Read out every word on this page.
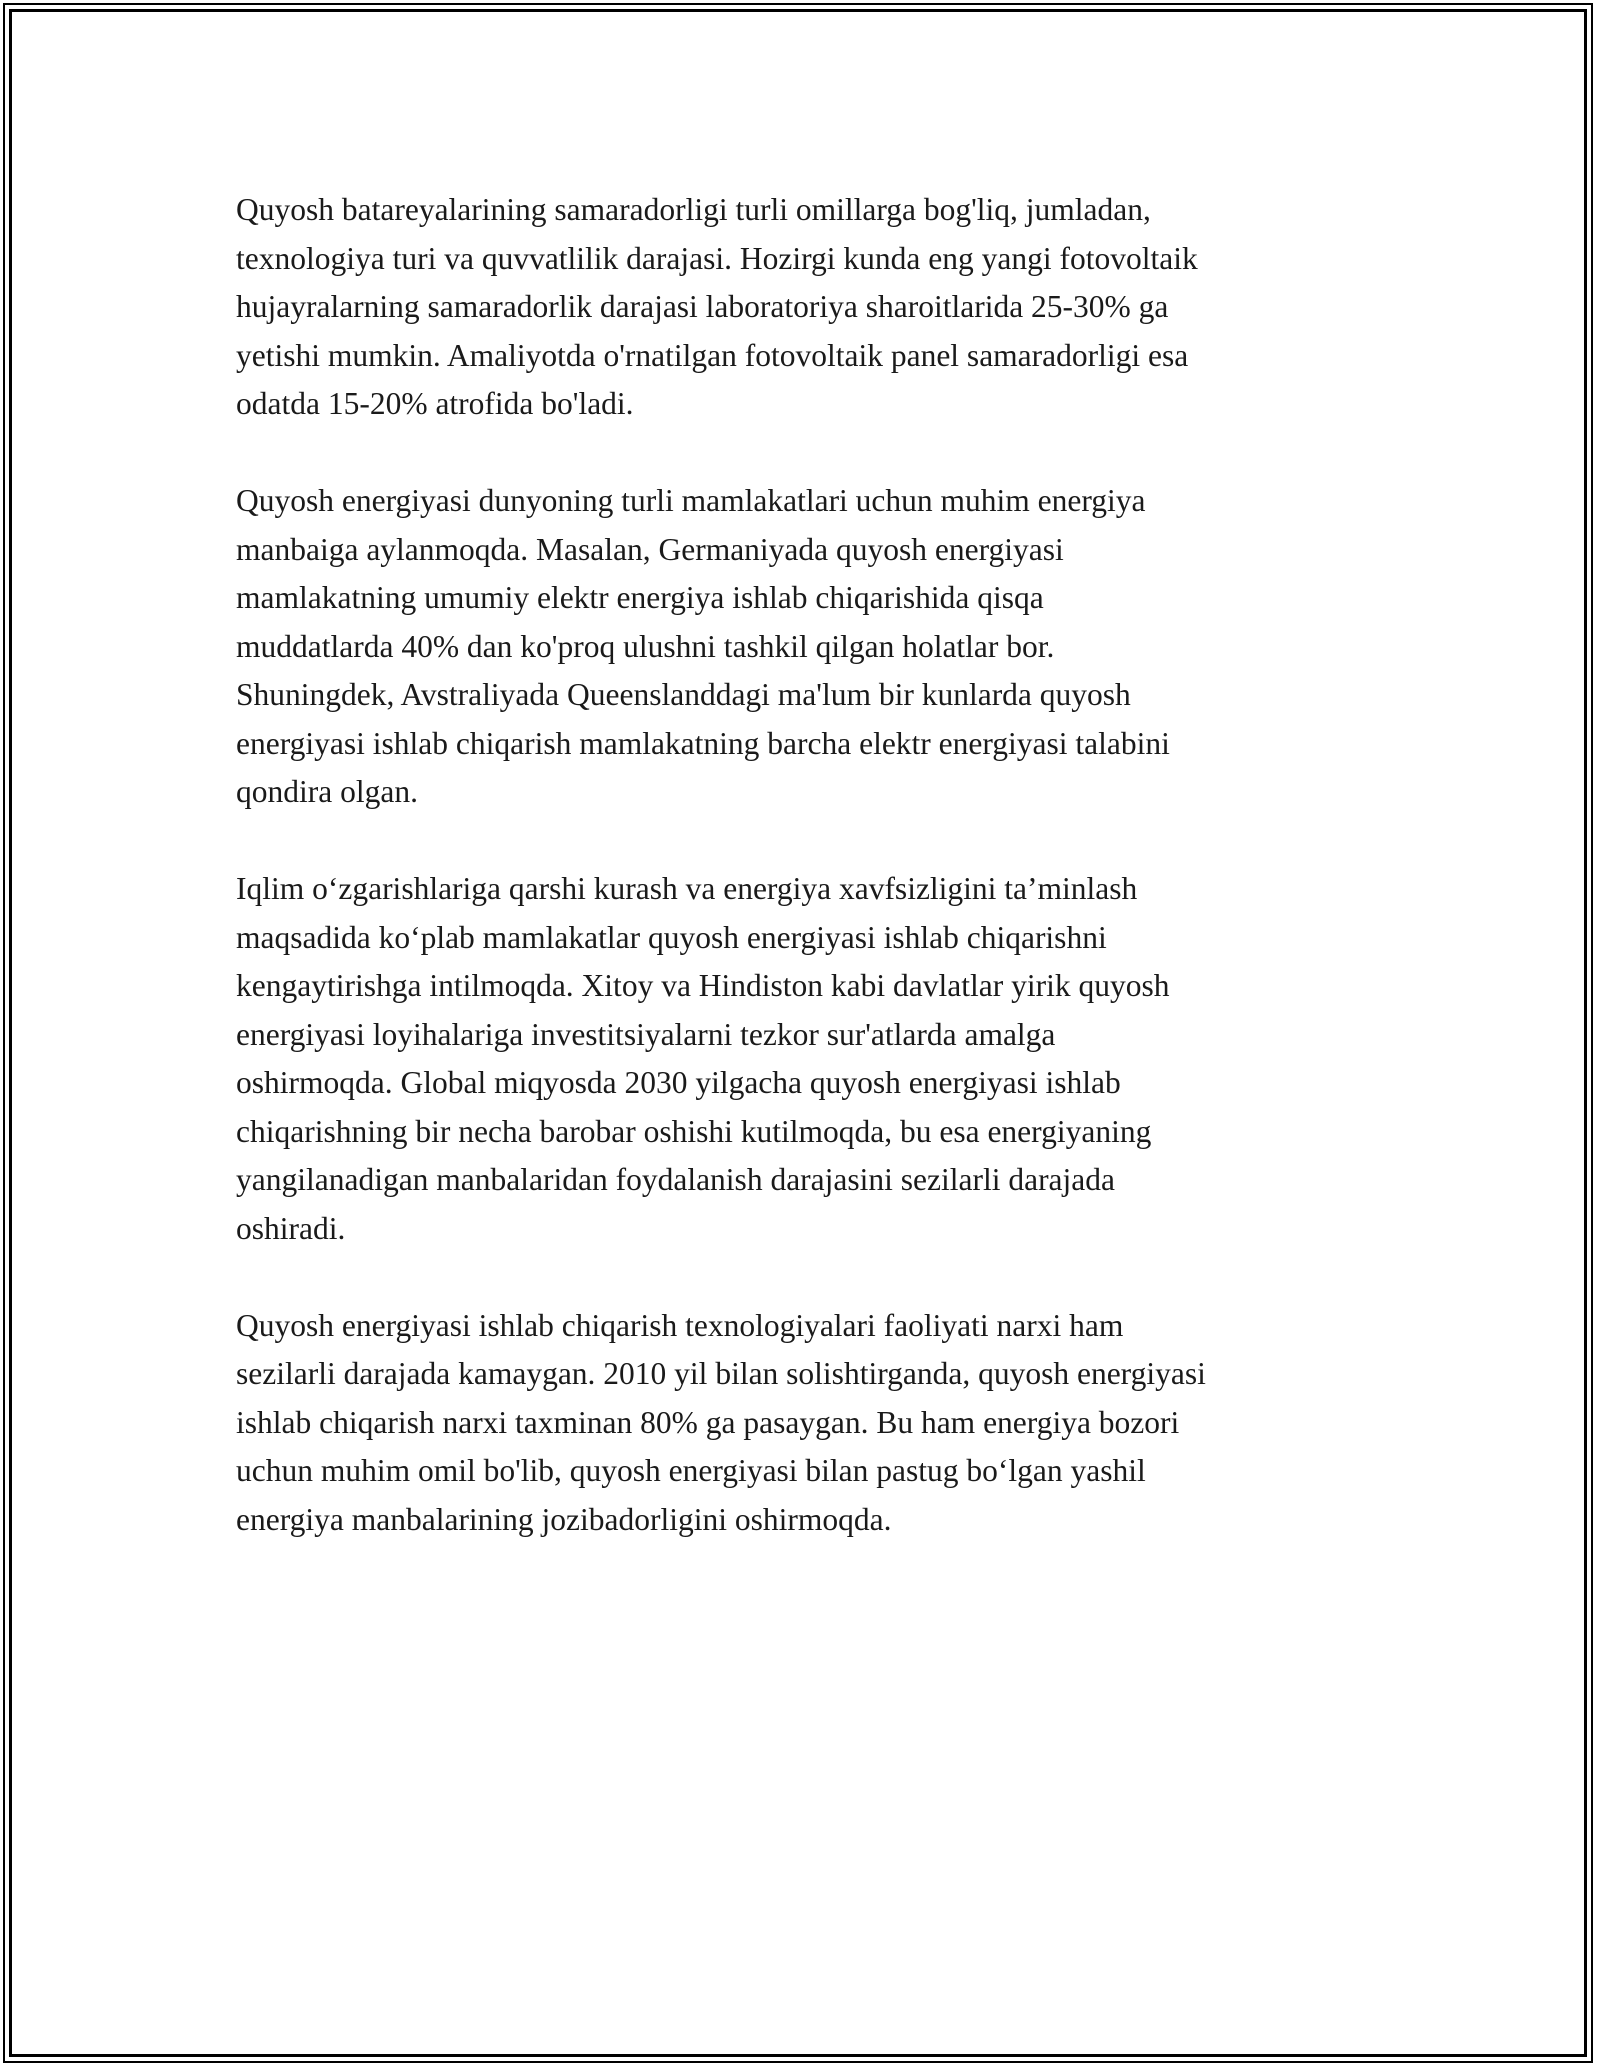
Quyosh batareyalarining samaradorligi turli omillarga bog'liq, jumladan,
texnologiya turi va quvvatlilik darajasi. Hozirgi kunda eng yangi fotovoltaik
hujayralarning samaradorlik darajasi laboratoriya sharoitlarida 25-30% ga
yetishi mumkin. Amaliyotda o'rnatilgan fotovoltaik panel samaradorligi esa
odatda 15-20% atrofida bo'ladi.

Quyosh energiyasi dunyoning turli mamlakatlari uchun muhim energiya
manbaiga aylanmoqda. Masalan, Germaniyada quyosh energiyasi
mamlakatning umumiy elektr energiya ishlab chiqarishida qisqa
muddatlarda 40% dan ko'proq ulushni tashkil qilgan holatlar bor.
Shuningdek, Avstraliyada Queenslanddagi ma'lum bir kunlarda quyosh
energiyasi ishlab chiqarish mamlakatning barcha elektr energiyasi talabini
qondira olgan.

Iqlim o‘zgarishlariga qarshi kurash va energiya xavfsizligini ta’minlash
maqsadida ko‘plab mamlakatlar quyosh energiyasi ishlab chiqarishni
kengaytirishga intilmoqda. Xitoy va Hindiston kabi davlatlar yirik quyosh
energiyasi loyihalariga investitsiyalarni tezkor sur'atlarda amalga
oshirmoqda. Global miqyosda 2030 yilgacha quyosh energiyasi ishlab
chiqarishning bir necha barobar oshishi kutilmoqda, bu esa energiyaning
yangilanadigan manbalaridan foydalanish darajasini sezilarli darajada
oshiradi.

Quyosh energiyasi ishlab chiqarish texnologiyalari faoliyati narxi ham
sezilarli darajada kamaygan. 2010 yil bilan solishtirganda, quyosh energiyasi
ishlab chiqarish narxi taxminan 80% ga pasaygan. Bu ham energiya bozori
uchun muhim omil bo'lib, quyosh energiyasi bilan pastug bo‘lgan yashil
energiya manbalarining jozibadorligini oshirmoqda.
